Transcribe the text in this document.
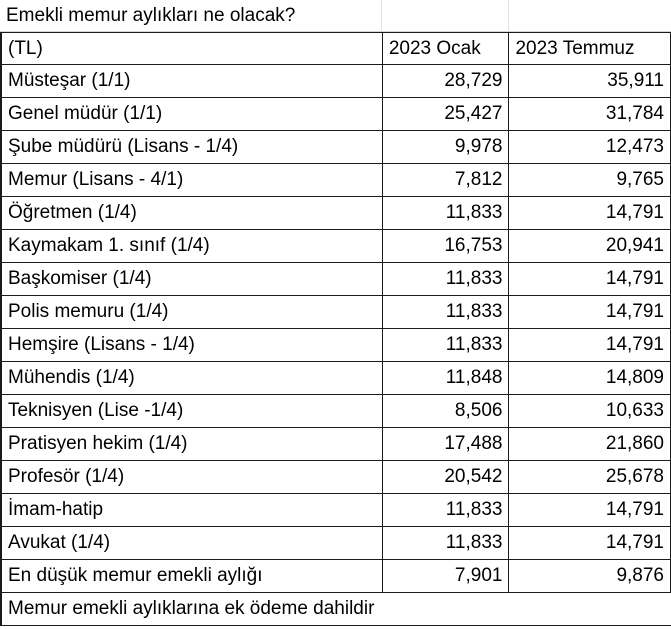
Emekli memur aylıkları ne olacak?
(TL)	2023 Ocak	2023 Temmuz
Müsteşar (1/1)	28,729	35,911
Genel müdür (1/1)	25,427	31,784
Şube müdürü (Lisans - 1/4)	9,978	12,473
Memur (Lisans - 4/1)	7,812	9,765
Öğretmen (1/4)	11,833	14,791
Kaymakam 1. sınıf (1/4)	16,753	20,941
Başkomiser (1/4)	11,833	14,791
Polis memuru (1/4)	11,833	14,791
Hemşire (Lisans - 1/4)	11,833	14,791
Mühendis (1/4)	11,848	14,809
Teknisyen (Lise -1/4)	8,506	10,633
Pratisyen hekim (1/4)	17,488	21,860
Profesör (1/4)	20,542	25,678
İmam-hatip	11,833	14,791
Avukat (1/4)	11,833	14,791
En düşük memur emekli aylığı	7,901	9,876
Memur emekli aylıklarına ek ödeme dahildir
